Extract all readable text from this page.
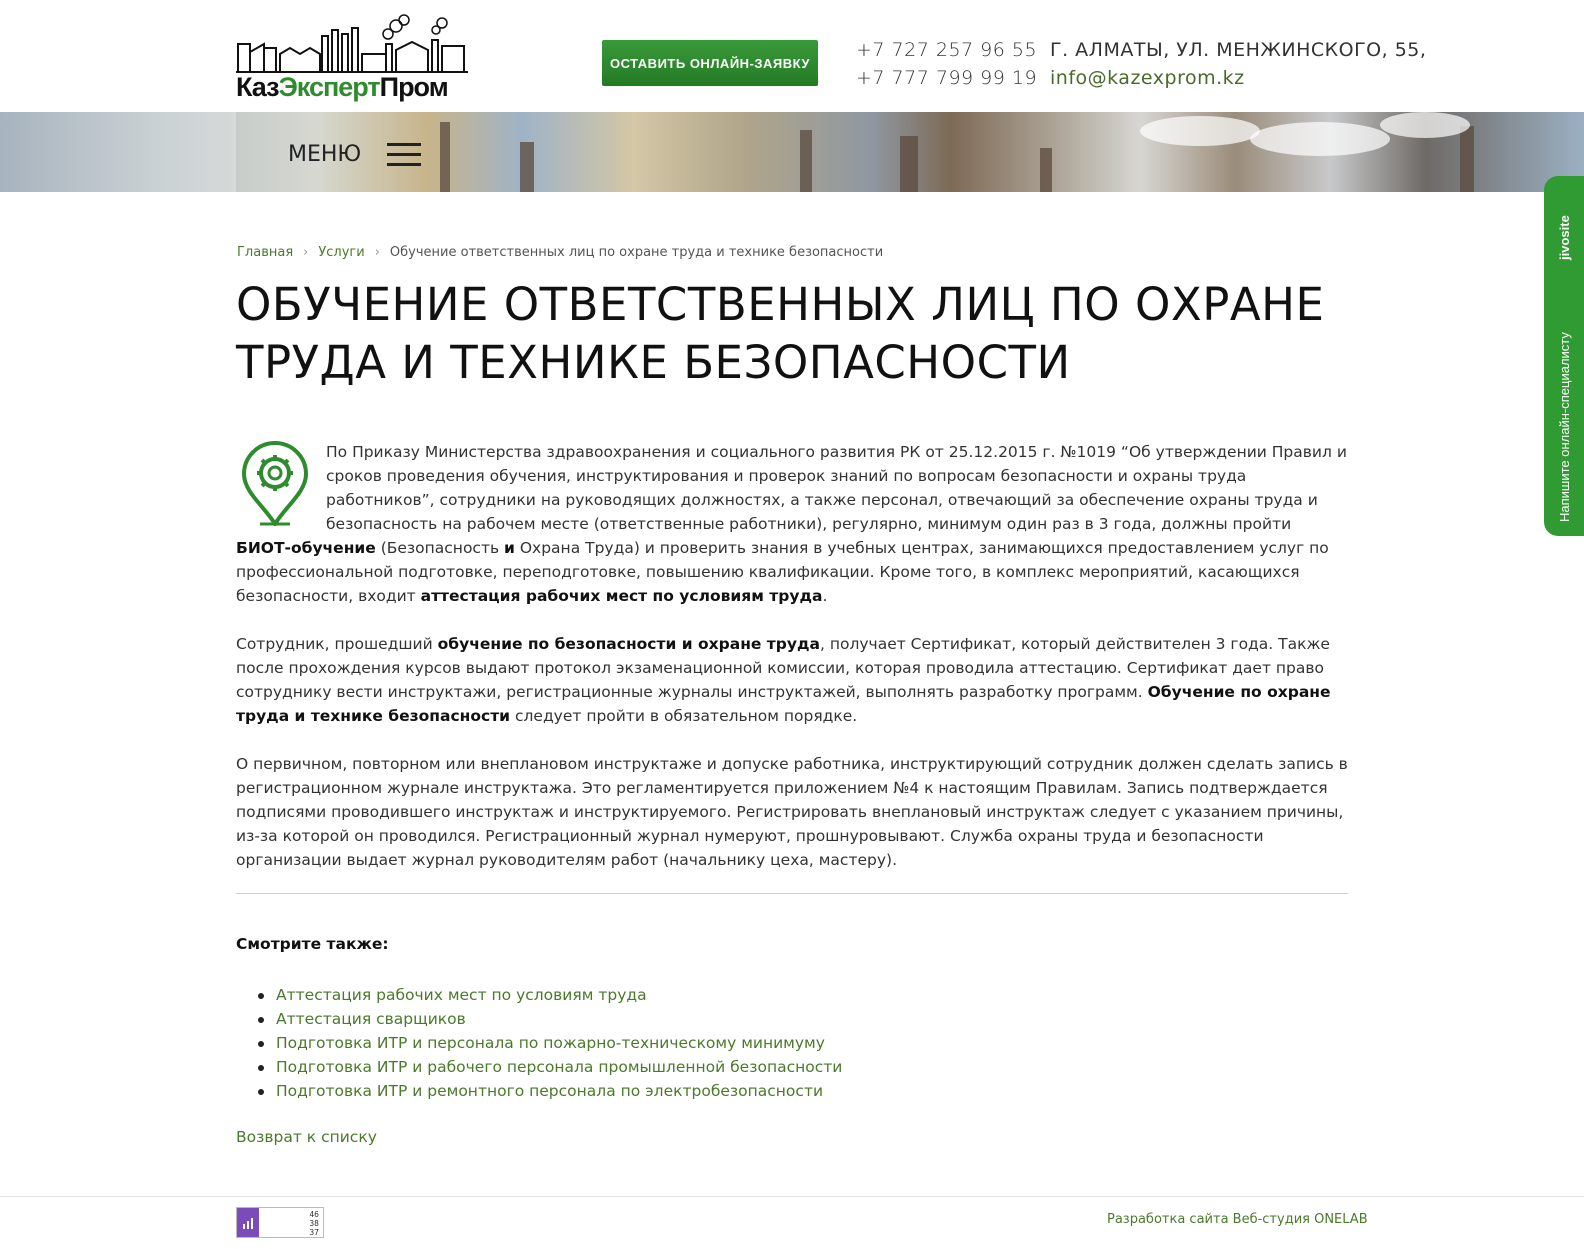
КазЭкспертПром
ОСТАВИТЬ ОНЛАЙН-ЗАЯВКУ
+7 727 257 96 55
+7 777 799 99 19
Г. АЛМАТЫ, УЛ. МЕНЖИНСКОГО, 55,
info@kazexprom.kz
МЕНЮ
jivosite
Напишите онлайн-специалисту
Главная › Услуги › Обучение ответственных лиц по охране труда и технике безопасности
ОБУЧЕНИЕ ОТВЕТСТВЕННЫХ ЛИЦ ПО ОХРАНЕ ТРУДА И ТЕХНИКЕ БЕЗОПАСНОСТИ

По Приказу Министерства здравоохранения и социального развития РК от 25.12.2015 г. №1019 “Об утверждении Правил и сроков проведения обучения, инструктирования и проверок знаний по вопросам безопасности и охраны труда работников”, сотрудники на руководящих должностях, а также персонал, отвечающий за обеспечение охраны труда и безопасность на рабочем месте (ответственные работники), регулярно, минимум один раз в 3 года, должны пройти БИОТ-обучение (Безопасность и Охрана Труда) и проверить знания в учебных центрах, занимающихся предоставлением услуг по профессиональной подготовке, переподготовке, повышению квалификации. Кроме того, в комплекс мероприятий, касающихся безопасности, входит аттестация рабочих мест по условиям труда.

Сотрудник, прошедший обучение по безопасности и охране труда, получает Сертификат, который действителен 3 года. Также после прохождения курсов выдают протокол экзаменационной комиссии, которая проводила аттестацию. Сертификат дает право сотруднику вести инструктажи, регистрационные журналы инструктажей, выполнять разработку программ. Обучение по охране труда и технике безопасности следует пройти в обязательном порядке.

О первичном, повторном или внеплановом инструктаже и допуске работника, инструктирующий сотрудник должен сделать запись в регистрационном журнале инструктажа. Это регламентируется приложением №4 к настоящим Правилам. Запись подтверждается подписями проводившего инструктаж и инструктируемого. Регистрировать внеплановый инструктаж следует с указанием причины, из-за которой он проводился. Регистрационный журнал нумеруют, прошнуровывают. Служба охраны труда и безопасности организации выдает журнал руководителям работ (начальнику цеха, мастеру).

Смотрите также:
Аттестация рабочих мест по условиям труда
Аттестация сварщиков
Подготовка ИТР и персонала по пожарно-техническому минимуму
Подготовка ИТР и рабочего персонала промышленной безопасности
Подготовка ИТР и ремонтного персонала по электробезопасности
Возврат к списку
46
38
37
Разработка сайта Веб-студия ONELAB
